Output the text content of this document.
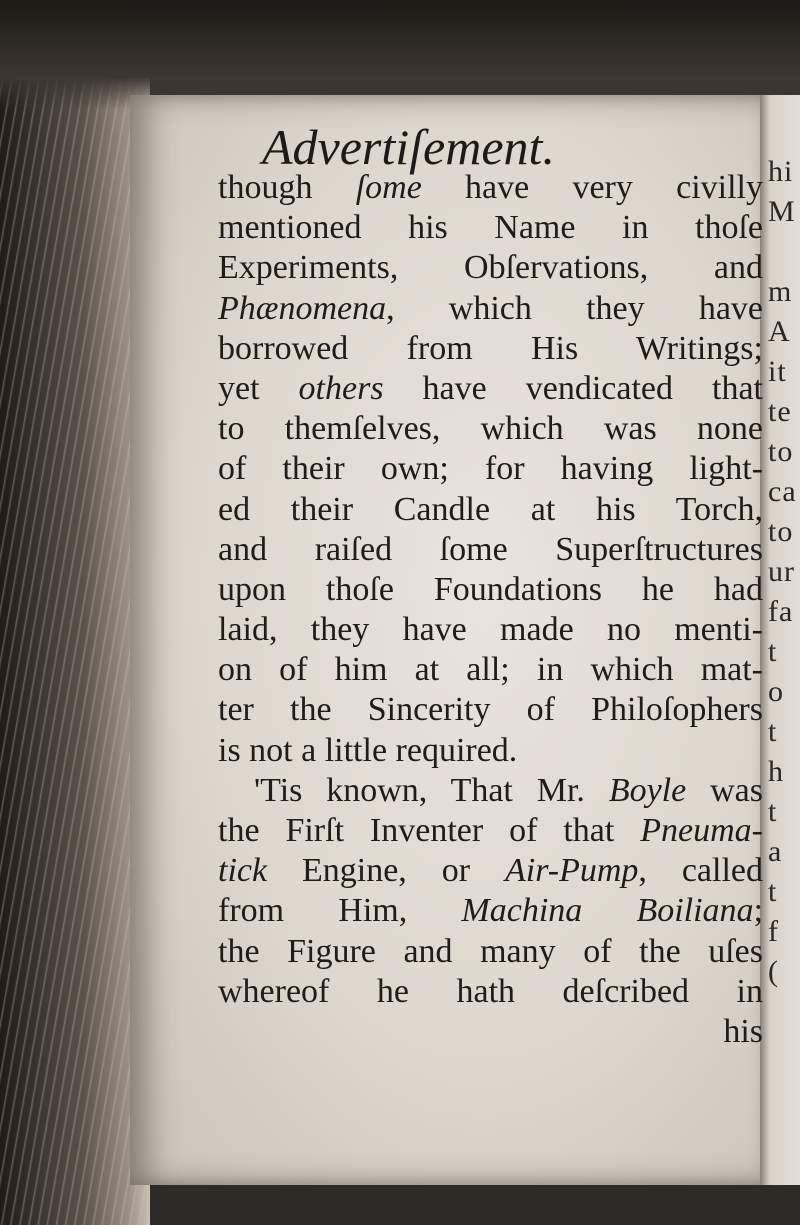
hi
M
m
A
it
te
to
ca
to
ur
fa
t
o
t
h
t
a
t
f
(
Advertiſement.
though ſome have very civilly
mentioned his Name in thoſe
Experiments, Obſervations, and
Phænomena, which they have
borrowed from His Writings;
yet others have vendicated that
to themſelves, which was none
of their own; for having light-
ed their Candle at his Torch,
and raiſed ſome Superſtructures
upon thoſe Foundations he had
laid, they have made no menti-
on of him at all; in which mat-
ter the Sincerity of Philoſophers
is not a little required.
'Tis known, That Mr. Boyle was
the Firſt Inventer of that Pneuma-
tick Engine, or Air-Pump, called
from Him, Machina Boiliana;
the Figure and many of the uſes
whereof he hath deſcribed in
his
